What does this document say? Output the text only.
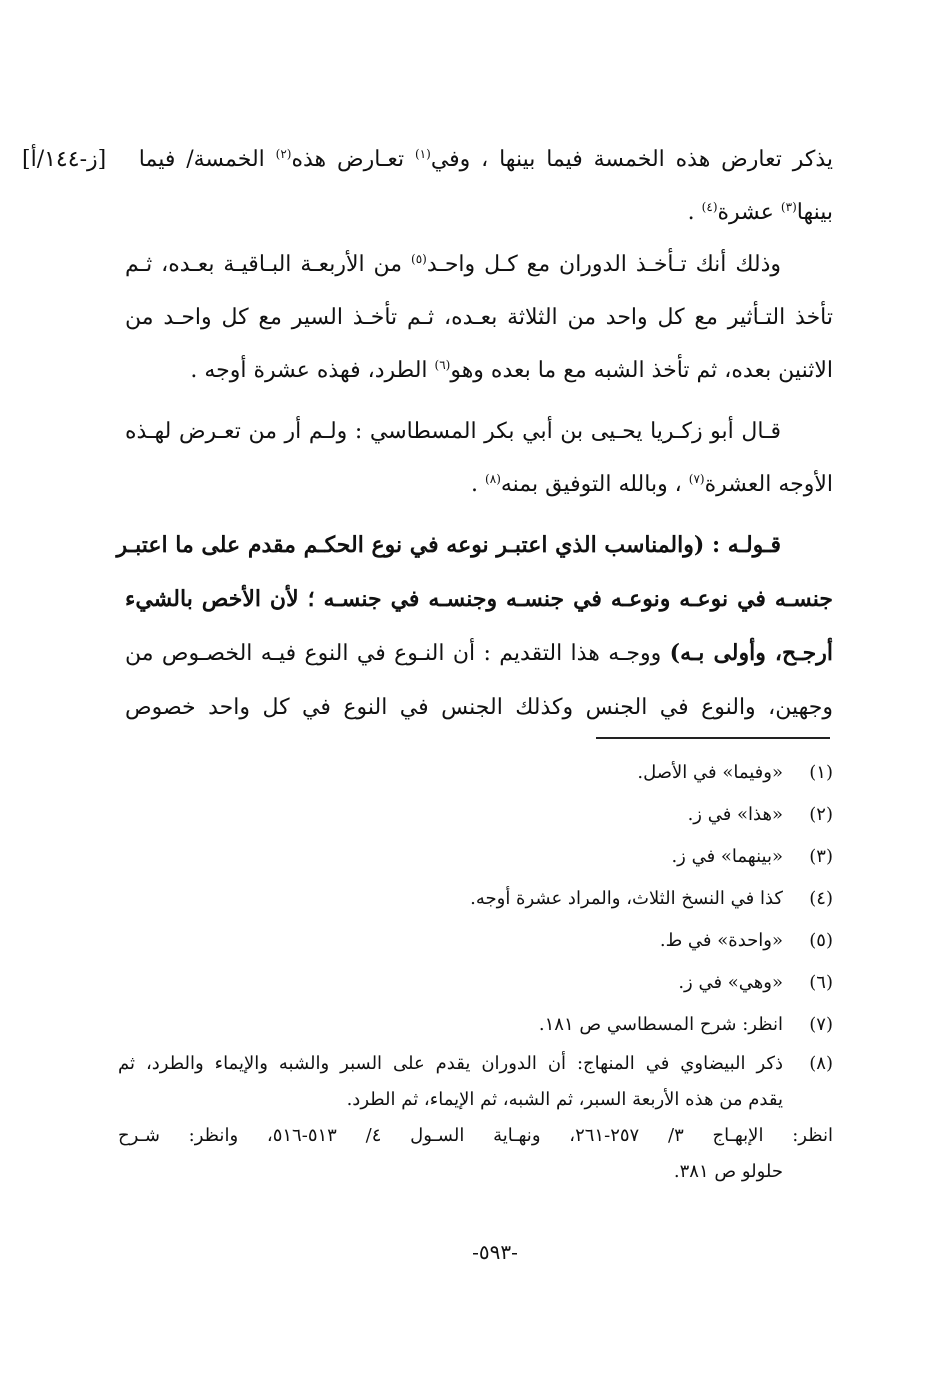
يذكر تعارض هذه الخمسة فيما بينها ، وفي$^{(١)}$ تعـارض هذه$^{(٢)}$ الخمسة/ فيما   [ز-١٤٤/أ]
بينها$^{(٣)}$ عشرة$^{(٤)}$ .
وذلك أنك تـأخـذ الدوران مع كـل واحـد$^{(٥)}$ من الأربعـة البـاقيـة بعـده، ثـم
تأخذ التـأثير مع كل واحد من الثلاثة بعـده، ثـم تأخـذ السير مع كل واحـد من
الاثنين بعده، ثم تأخذ الشبه مع ما بعده وهو$^{(٦)}$ الطرد، فهذه عشرة أوجه .
قـال أبو زكـريا يحـيى بن أبي بكر المسطاسي : ولـم أر من تعـرض لهـذه
الأوجه العشرة$^{(٧)}$ ، وبالله التوفيق بمنه$^{(٨)}$ .
قـولـه : (والمناسب الذي اعتبـر نوعه في نوع الحكـم مقدم على ما اعتبـر
جنسـه في نوعـه ونوعـه في جنسـه وجنسـه في جنسـه ؛ لأن الأخص بالشيء
أرجـح، وأولى بـه) ووجـه هذا التقديم : أن النـوع في النوع فيـه الخصـوص من
وجهين، والنوع في الجنس وكذلك الجنس في النوع في كل واحد خصوص
(١)
«وفيما» في الأصل.
(٢)
«هذا» في ز.
(٣)
«بينهما» في ز.
(٤)
كذا في النسخ الثلاث، والمراد عشرة أوجه.
(٥)
«واحدة» في ط.
(٦)
«وهي» في ز.
(٧)
انظر: شرح المسطاسي ص ١٨١.
(٨)
ذكر البيضاوي في المنهاج: أن الدوران يقدم على السبر والشبه والإيماء والطرد، ثم
يقدم من هذه الأربعة السبر، ثم الشبه، ثم الإيماء، ثم الطرد.
انظر: الإبهـاج ٣/ ٢٥٧-٢٦١، ونهـاية السـول ٤/ ٥١٣-٥١٦، وانظر: شـرح
حلولو ص ٣٨١.
-٥٩٣-
